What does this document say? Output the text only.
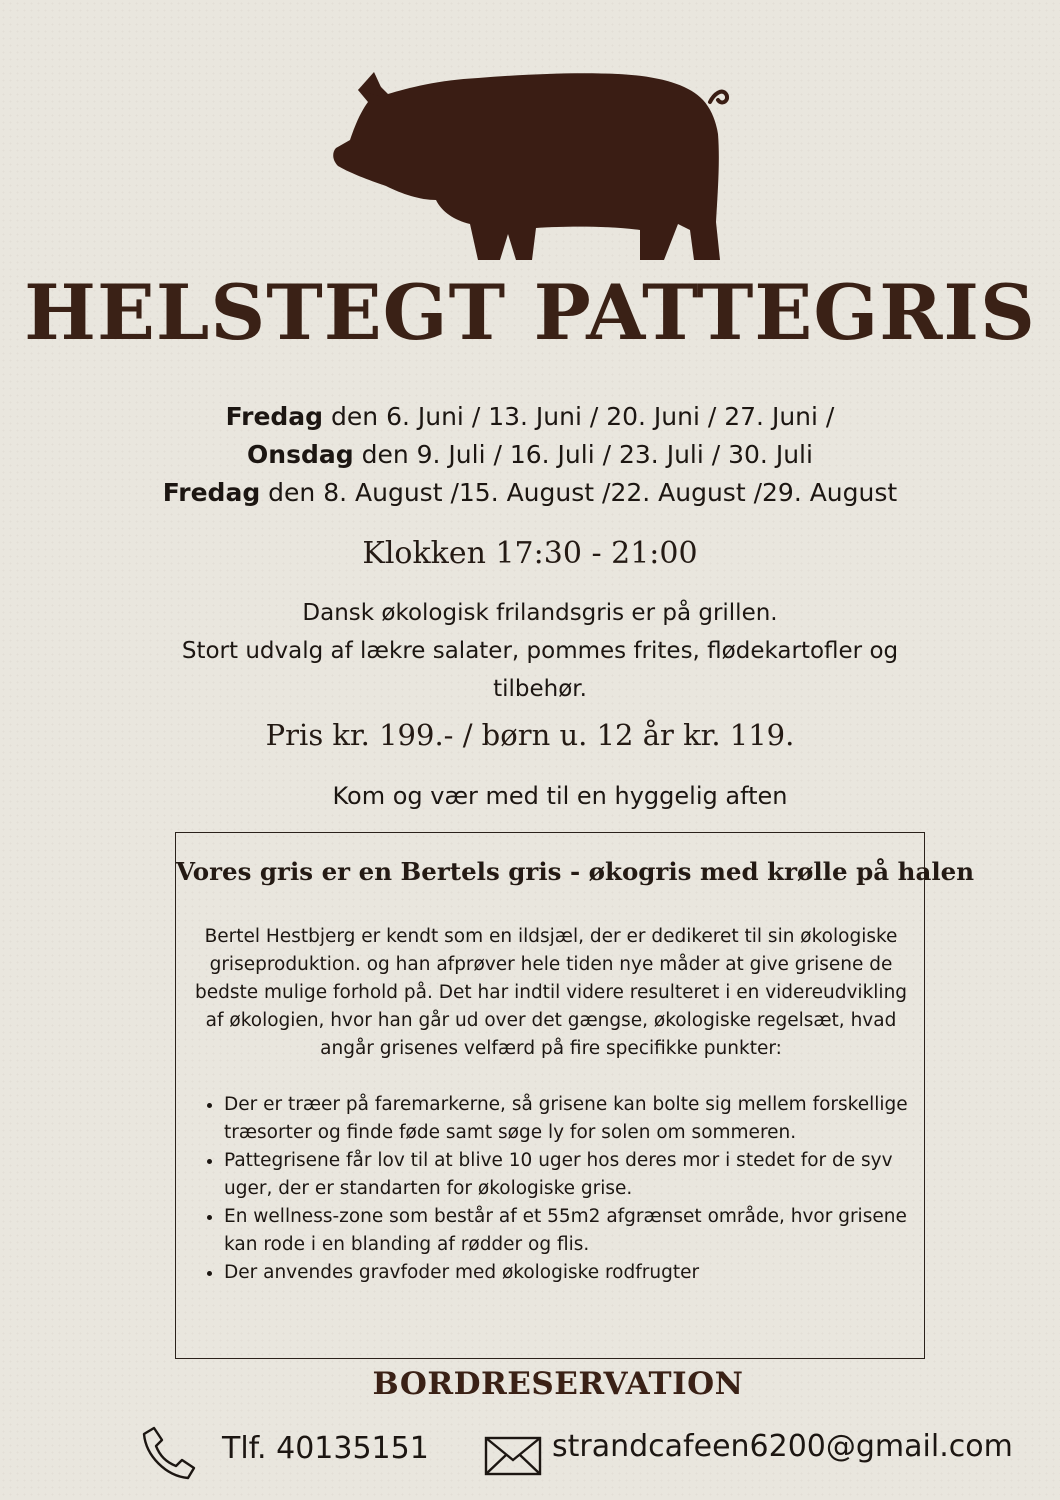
HELSTEGT PATTEGRIS
Fredag den 6. Juni / 13. Juni / 20. Juni / 27. Juni /
Onsdag den 9. Juli / 16. Juli / 23. Juli / 30. Juli
Fredag den 8. August /15. August /22. August /29. August
Klokken 17:30 - 21:00
Dansk økologisk frilandsgris er på grillen.
Stort udvalg af lækre salater, pommes frites, flødekartofler og tilbehør.
Pris kr. 199.- / børn u. 12 år kr. 119.
Kom og vær med til en hyggelig aften
Vores gris er en Bertels gris - økogris med krølle på halen

Bertel Hestbjerg er kendt som en ildsjæl, der er dedikeret til sin økologiske griseproduktion. og han afprøver hele tiden nye måder at give grisene de bedste mulige forhold på. Det har indtil videre resulteret i en videreudvikling af økologien, hvor han går ud over det gængse, økologiske regelsæt, hvad angår grisenes velfærd på fire specifikke punkter:

• Der er træer på faremarkerne, så grisene kan bolte sig mellem forskellige træsorter og finde føde samt søge ly for solen om sommeren.
• Pattegrisene får lov til at blive 10 uger hos deres mor i stedet for de syv uger, der er standarten for økologiske grise.
• En wellness-zone som består af et 55m2 afgrænset område, hvor grisene kan rode i en blanding af rødder og flis.
• Der anvendes gravfoder med økologiske rodfrugter
BORDRESERVATION
Tlf. 40135151	strandcafeen6200@gmail.com
